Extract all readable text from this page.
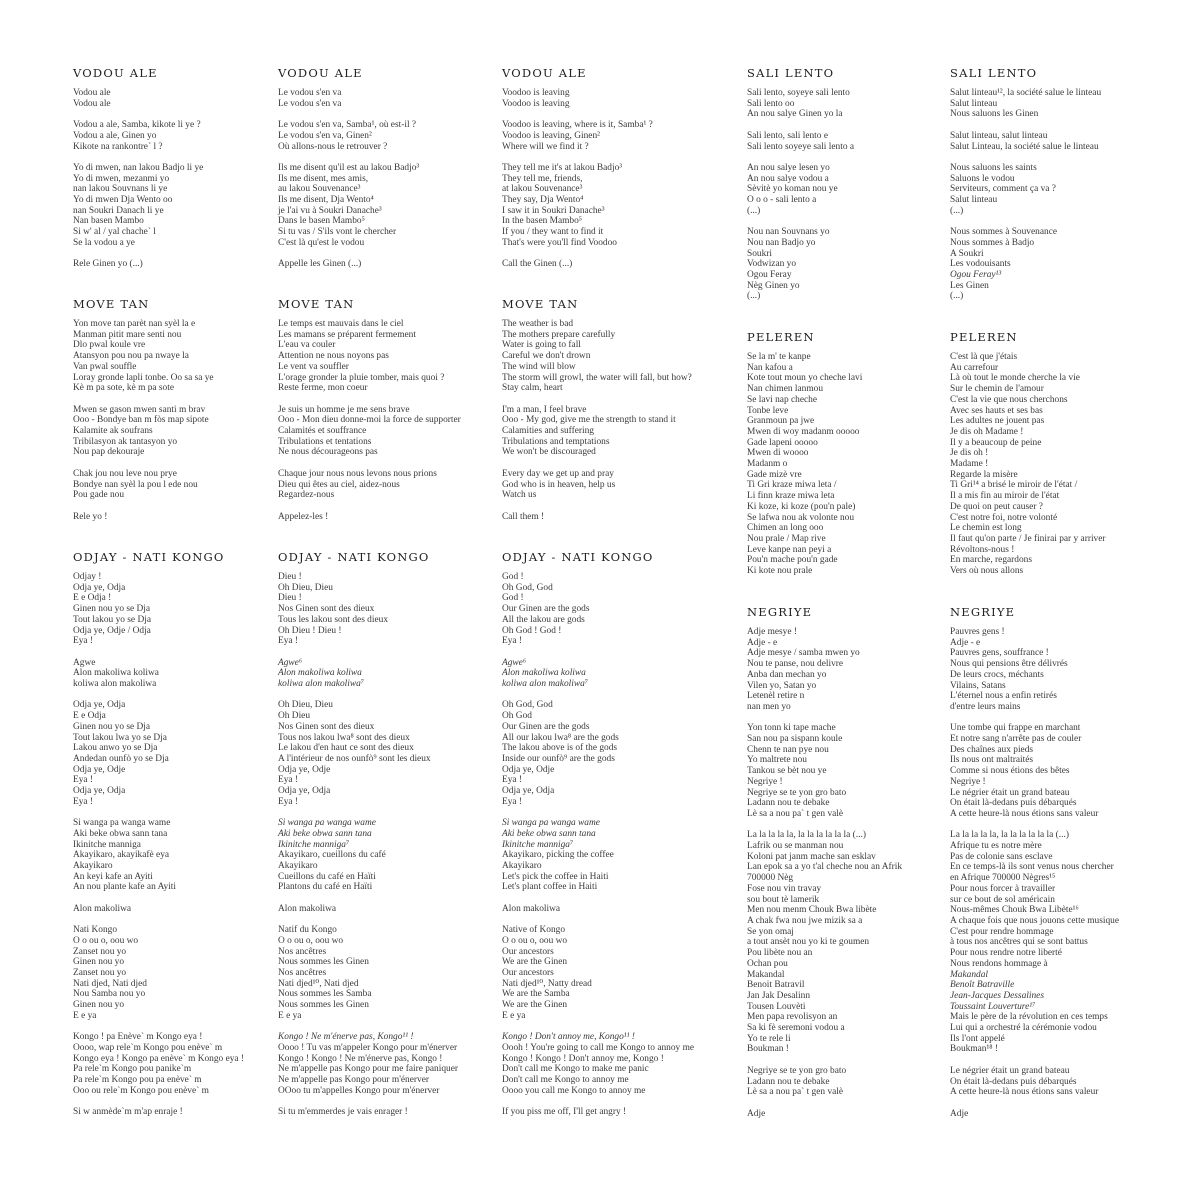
VODOU ALE
Vodou ale
Vodou ale

Vodou a ale, Samba, kikote li ye ?
Vodou a ale, Ginen yo
Kikote na rankontre` l ?

Yo di mwen, nan lakou Badjo li ye
Yo di mwen, mezanmi yo
nan lakou Souvnans li ye
Yo di mwen Dja Wento oo
nan Soukri Danach li ye
Nan basen Mambo
Si w' al / yal chache` l
Se la vodou a ye

Rele Ginen yo (...)
MOVE TAN
Yon move tan parèt nan syèl la e
Manman pitit mare senti nou
Dlo pwal koule vre
Atansyon pou nou pa nwaye la
Van pwal souffle
Loray gronde lapli tonbe. Oo sa sa ye
Kè m pa sote, kè m pa sote

Mwen se gason mwen santi m brav
Ooo - Bondye ban m fòs map sipote
Kalamite ak soufrans
Tribilasyon ak tantasyon yo
Nou pap dekouraje

Chak jou nou leve nou prye
Bondye nan syèl la pou l ede nou
Pou gade nou

Rele yo !
ODJAY - NATI KONGO
Odjay !
Odja ye, Odja
E e Odja !
Ginen nou yo se Dja
Tout lakou yo se Dja
Odja ye, Odje / Odja
Eya !

Agwe
Alon makoliwa koliwa
koliwa alon makoliwa

Odja ye, Odja
E e Odja
Ginen nou yo se Dja
Tout lakou lwa yo se Dja
Lakou anwo yo se Dja
Andedan ounfò yo se Dja
Odja ye, Odje
Eya !
Odja ye, Odja
Eya !

Si wanga pa wanga wame
Aki beke obwa sann tana
Ikinitche manniga
Akayikaro, akayikafè eya
Akayikaro
An keyi kafe an Ayiti
An nou plante kafe an Ayiti

Alon makoliwa

Nati Kongo
O o ou o, oou wo
Zanset nou yo
Ginen nou yo
Zanset nou yo
Nati djed, Nati djed
Nou Samba nou yo
Ginen nou yo
E e ya

Kongo ! pa Enève` m Kongo eya !
Oooo, wap rele`m Kongo pou enève` m
Kongo eya ! Kongo pa enève` m Kongo eya !
Pa rele`m Kongo pou panike`m
Pa rele`m Kongo pou pa enève` m
Ooo ou rele`m Kongo pou enève` m

Si w anmède`m m'ap enraje !
VODOU ALE
Le vodou s'en va
Le vodou s'en va

Le vodou s'en va, Samba¹, où est-il ?
Le vodou s'en va, Ginen²
Où allons-nous le retrouver ?

Ils me disent qu'il est au lakou Badjo³
Ils me disent, mes amis,
au lakou Souvenance³
Ils me disent, Dja Wento⁴
je l'ai vu à Soukri Danache³
Dans le basen Mambo⁵
Si tu vas / S'ils vont le chercher
C'est là qu'est le vodou

Appelle les Ginen (...)
MOVE TAN
Le temps est mauvais dans le ciel
Les mamans se préparent fermement
L'eau va couler
Attention ne nous noyons pas
Le vent va souffler
L'orage gronder la pluie tomber, mais quoi ?
Reste ferme, mon coeur

Je suis un homme je me sens brave
Ooo - Mon dieu donne-moi la force de supporter
Calamités et souffrance
Tribulations et tentations
Ne nous décourageons pas

Chaque jour nous nous levons nous prions
Dieu qui êtes au ciel, aidez-nous
Regardez-nous

Appelez-les !
ODJAY - NATI KONGO
Dieu !
Oh Dieu, Dieu
Dieu !
Nos Ginen sont des dieux
Tous les lakou sont des dieux
Oh Dieu ! Dieu !
Eya !

Agwe⁶
Alon makoliwa koliwa
koliwa alon makoliwa⁷

Oh Dieu, Dieu
Oh Dieu
Nos Ginen sont des dieux
Tous nos lakou lwa⁸ sont des dieux
Le lakou d'en haut ce sont des dieux
A l'intérieur de nos ounfò⁹ sont les dieux
Odja ye, Odje
Eya !
Odja ye, Odja
Eya !

Si wanga pa wanga wame
Aki beke obwa sann tana
Ikinitche manniga⁷
Akayikaro, cueillons du café
Akayikaro
Cueillons du café en Haïti
Plantons du café en Haïti

Alon makoliwa

Natif du Kongo
O o ou o, oou wo
Nos ancêtres
Nous sommes les Ginen
Nos ancêtres
Nati djed¹⁰, Nati djed
Nous sommes les Samba
Nous sommes les Ginen
E e ya

Kongo ! Ne m'énerve pas, Kongo¹¹ !
Oooo ! Tu vas m'appeler Kongo pour m'énerver
Kongo ! Kongo ! Ne m'énerve pas, Kongo !
Ne m'appelle pas Kongo pour me faire paniquer
Ne m'appelle pas Kongo pour m'énerver
OOoo tu m'appelles Kongo pour m'énerver

Si tu m'emmerdes je vais enrager !
VODOU ALE
Voodoo is leaving
Voodoo is leaving

Voodoo is leaving, where is it, Samba¹ ?
Voodoo is leaving, Ginen²
Where will we find it ?

They tell me it's at lakou Badjo³
They tell me, friends,
at lakou Souvenance³
They say, Dja Wento⁴
I saw it in Soukri Danache³
In the basen Mambo⁵
If you / they want to find it
That's were you'll find Voodoo

Call the Ginen (...)
MOVE TAN
The weather is bad
The mothers prepare carefully
Water is going to fall
Careful we don't drown
The wind will blow
The storm will growl, the water will fall, but how?
Stay calm, heart

I'm a man, I feel brave
Ooo - My god, give me the strength to stand it
Calamities and suffering
Tribulations and temptations
We won't be discouraged

Every day we get up and pray
God who is in heaven, help us
Watch us

Call them !
ODJAY - NATI KONGO
God !
Oh God, God
God !
Our Ginen are the gods
All the lakou are gods
Oh God ! God !
Eya !

Agwe⁶
Alon makoliwa koliwa
koliwa alon makoliwa⁷

Oh God, God
Oh God
Our Ginen are the gods
All our lakou lwa⁸ are the gods
The lakou above is of the gods
Inside our ounfò⁹ are the gods
Odja ye, Odje
Eya !
Odja ye, Odja
Eya !

Si wanga pa wanga wame
Aki beke obwa sann tana
Ikinitche manniga⁷
Akayikaro, picking the coffee
Akayikaro
Let's pick the coffee in Haiti
Let's plant coffee in Haiti

Alon makoliwa

Native of Kongo
O o ou o, oou wo
Our ancestors
We are the Ginen
Our ancestors
Nati djed¹⁰, Natty dread
We are the Samba
We are the Ginen
E e ya

Kongo ! Don't annoy me, Kongo¹¹ !
Oooh ! You're going to call me Kongo to annoy me
Kongo ! Kongo ! Don't annoy me, Kongo !
Don't call me Kongo to make me panic
Don't call me Kongo to annoy me
Oooo you call me Kongo to annoy me

If you piss me off, I'll get angry !
SALI LENTO
Sali lento, soyeye sali lento
Sali lento oo
An nou salye Ginen yo la

Sali lento, sali lento e
Sali lento soyeye sali lento a

An nou salye lesen yo
An nou salye vodou a
Sèvitè yo koman nou ye
O o o - sali lento a
(...)

Nou nan Souvnans yo
Nou nan Badjo yo
Soukri
Vodwizan yo
Ogou Feray
Nèg Ginen yo
(...)
PELEREN
Se la m' te kanpe
Nan kafou a
Kote tout moun yo cheche lavi
Nan chimen lanmou
Se lavi nap cheche
Tonbe leve
Granmoun pa jwe
Mwen di woy madanm ooooo
Gade lapeni ooooo
Mwen di woooo
Madanm o
Gade mizè vre
Ti Gri kraze miwa leta /
Li finn kraze miwa leta
Ki koze, ki koze (pou'n pale)
Se lafwa nou ak volonte nou
Chimen an long ooo
Nou prale / Map rive
Leve kanpe nan peyi a
Pou'n mache pou'n gade
Ki kote nou prale
NEGRIYE
Adje mesye !
Adje - e
Adje mesye / samba mwen yo
Nou te panse, nou delivre
Anba dan mechan yo
Vilen yo, Satan yo
Letenèl retire n
nan men yo

Yon tonn ki tape mache
San nou pa sispann koule
Chenn te nan pye nou
Yo maltrete nou
Tankou se bèt nou ye
Negriye !
Negriye se te yon gro bato
Ladann nou te debake
Lè sa a nou pa` t gen valè

La la la la la, la la la la la la (...)
Lafrik ou se manman nou
Koloni pat janm mache san esklav
Lan epok sa a yo t'al cheche nou an Afrik
700000 Nèg
Fose nou vin travay
sou bout tè lamerik
Men nou menm Chouk Bwa libète
A chak fwa nou jwe mizik sa a
Se yon omaj
a tout ansèt nou yo ki te goumen
Pou libète nou an
Ochan pou
Makandal
Benoit Batravil
Jan Jak Desalinn
Tousen Louvèti
Men papa revolisyon an
Sa ki fè seremoni vodou a
Yo te rele li
Boukman !

Negriye se te yon gro bato
Ladann nou te debake
Lè sa a nou pa` t gen valè

Adje
SALI LENTO
Salut linteau¹², la société salue le linteau
Salut linteau
Nous saluons les Ginen

Salut linteau, salut linteau
Salut Linteau, la société salue le linteau

Nous saluons les saints
Saluons le vodou
Serviteurs, comment ça va ?
Salut linteau
(...)

Nous sommes à Souvenance
Nous sommes à Badjo
A Soukri
Les vodouisants
Ogou Feray¹³
Les Ginen
(...)
PELEREN
C'est là que j'étais
Au carrefour
Là où tout le monde cherche la vie
Sur le chemin de l'amour
C'est la vie que nous cherchons
Avec ses hauts et ses bas
Les adultes ne jouent pas
Je dis oh Madame !
Il y a beaucoup de peine
Je dis oh !
Madame !
Regarde la misère
Ti Gri¹⁴ a brisé le miroir de l'état /
Il a mis fin au miroir de l'état
De quoi on peut causer ?
C'est notre foi, notre volonté
Le chemin est long
Il faut qu'on parte / Je finirai par y arriver
Révoltons-nous !
En marche, regardons
Vers où nous allons
NEGRIYE
Pauvres gens !
Adje - e
Pauvres gens, souffrance !
Nous qui pensions être délivrés
De leurs crocs, méchants
Vilains, Satans
L'éternel nous a enfin retirés
d'entre leurs mains

Une tombe qui frappe en marchant
Et notre sang n'arrête pas de couler
Des chaînes aux pieds
Ils nous ont maltraités
Comme si nous étions des bêtes
Negriye !
Le négrier était un grand bateau
On était là-dedans puis débarqués
A cette heure-là nous étions sans valeur

La la la la la, la la la la la la (...)
Afrique tu es notre mère
Pas de colonie sans esclave
En ce temps-là ils sont venus nous chercher
en Afrique 700000 Nègres¹⁵
Pour nous forcer à travailler
sur ce bout de sol américain
Nous-mêmes Chouk Bwa Libète¹⁶
A chaque fois que nous jouons cette musique
C'est pour rendre hommage
à tous nos ancêtres qui se sont battus
Pour nous rendre notre liberté
Nous rendons hommage à
Makandal
Benoît Batraville
Jean-Jacques Dessalines
Toussaint Louverture¹⁷
Mais le père de la révolution en ces temps
Lui qui a orchestré la cérémonie vodou
Ils l'ont appelé
Boukman¹⁸ !

Le négrier était un grand bateau
On était là-dedans puis débarqués
A cette heure-là nous étions sans valeur

Adje
